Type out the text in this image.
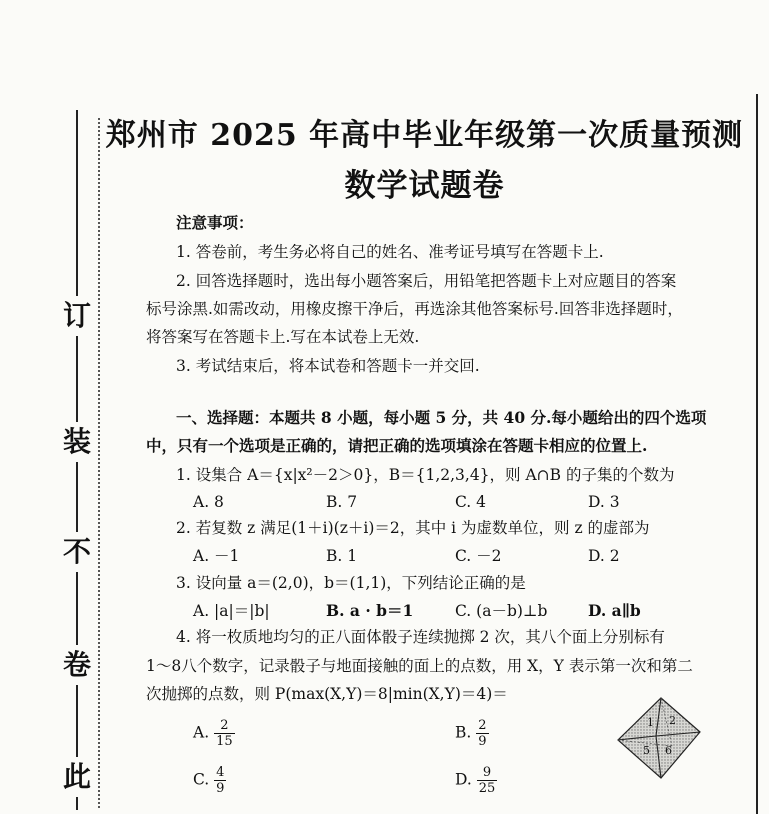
订
装
不
卷
此
郑州市 2025 年高中毕业年级第一次质量预测
数学试题卷
注意事项：
1. 答卷前，考生务必将自己的姓名、准考证号填写在答题卡上.
2. 回答选择题时，选出每小题答案后，用铅笔把答题卡上对应题目的答案
标号涂黑.如需改动，用橡皮擦干净后，再选涂其他答案标号.回答非选择题时，
将答案写在答题卡上.写在本试卷上无效.
3. 考试结束后，将本试卷和答题卡一并交回.
一、选择题：本题共 8 小题，每小题 5 分，共 40 分.每小题给出的四个选项
中，只有一个选项是正确的，请把正确的选项填涂在答题卡相应的位置上.
1. 设集合 A＝{x|x²－2＞0}，B＝{1,2,3,4}，则 A∩B 的子集的个数为
A. 8	B. 7	C. 4	D. 3
2. 若复数 z 满足(1＋i)(z＋i)＝2，其中 i 为虚数单位，则 z 的虚部为
A. －1	B. 1	C. －2	D. 2
3. 设向量 a＝(2,0)，b＝(1,1)，下列结论正确的是
A. |a|＝|b|	B. a · b＝1	C. (a－b)⊥b	D. a∥b
4. 将一枚质地均匀的正八面体骰子连续抛掷 2 次，其八个面上分别标有
1～8八个数字，记录骰子与地面接触的面上的点数，用 X，Y 表示第一次和第二
次抛掷的点数，则 P(max(X,Y)＝8|min(X,Y)＝4)＝
A. $\frac{2}{15}$	B. $\frac{2}{9}$
C. $\frac{4}{9}$	D. $\frac{9}{25}$
1 2
5 6
